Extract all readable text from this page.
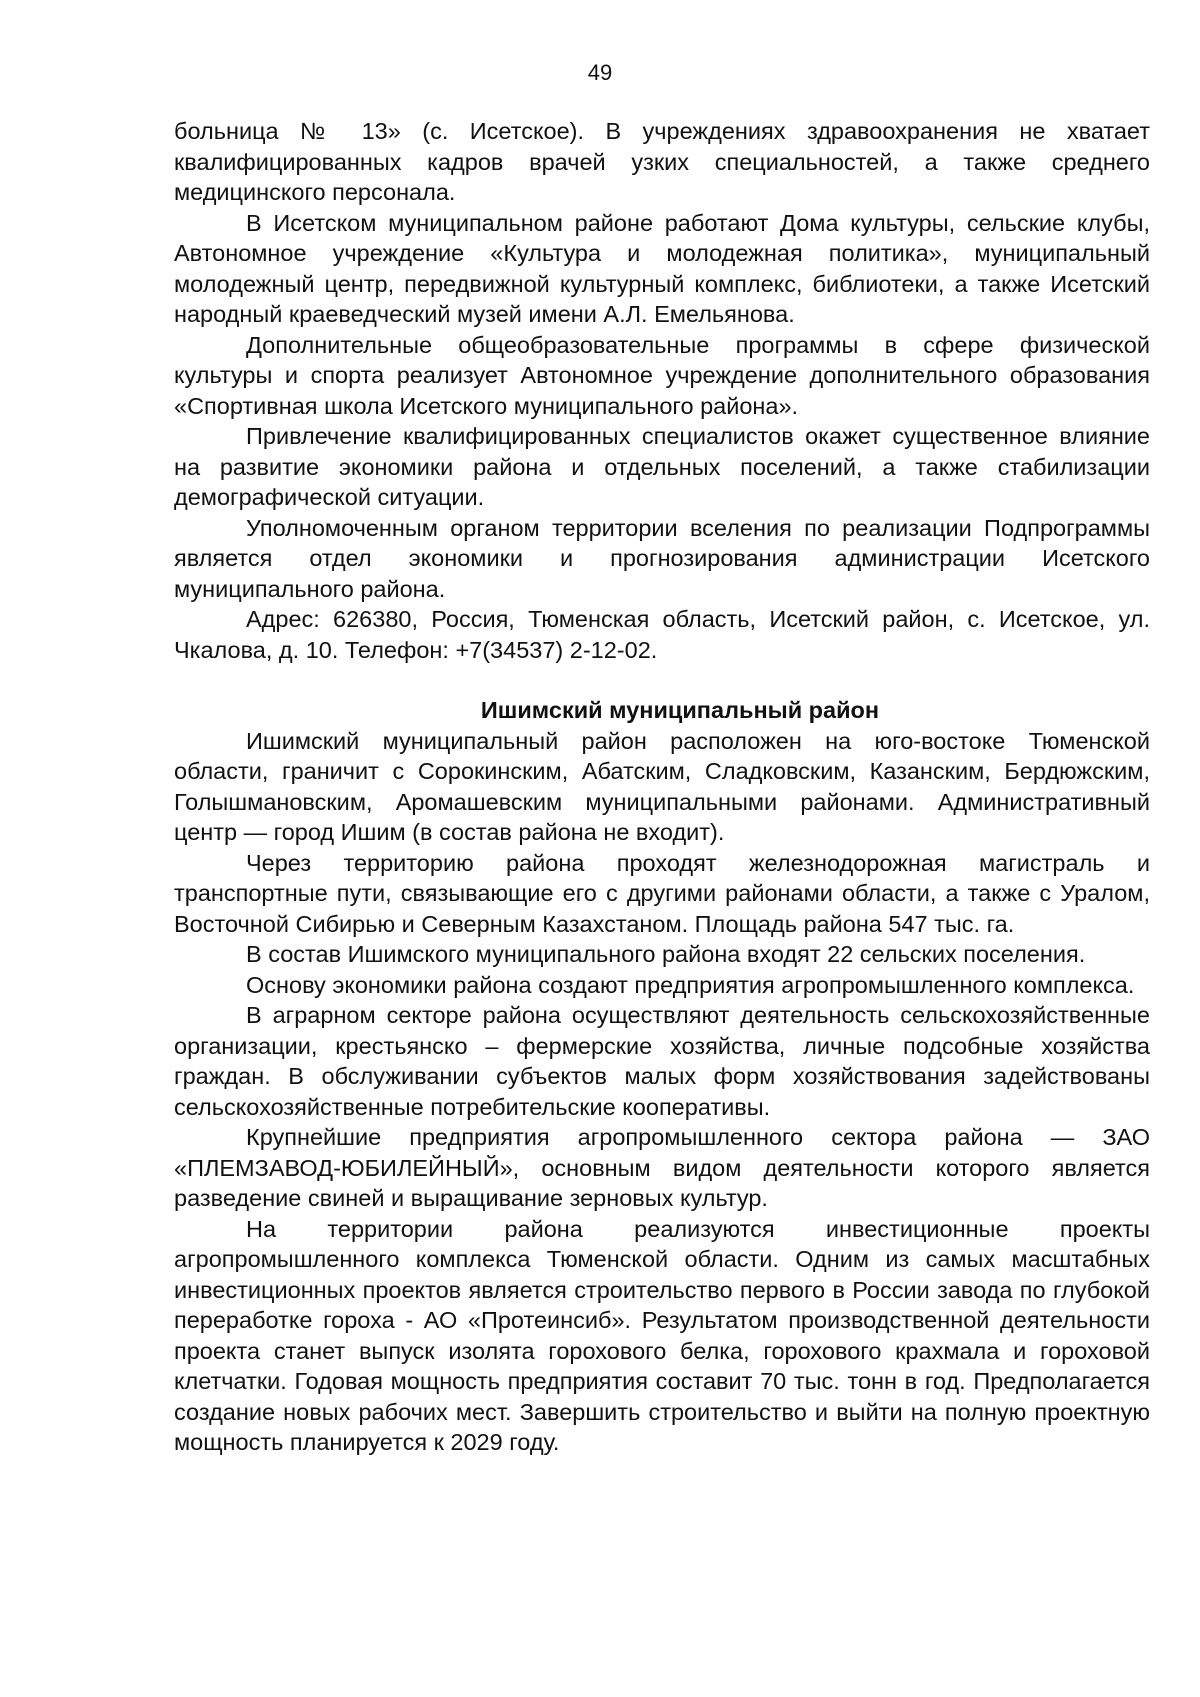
49

больница № 13» (с. Исетское). В учреждениях здравоохранения не хватает квалифицированных кадров врачей узких специальностей, а также среднего медицинского персонала.

В Исетском муниципальном районе работают Дома культуры, сельские клубы, Автономное учреждение «Культура и молодежная политика», муниципальный молодежный центр, передвижной культурный комплекс, библиотеки, а также Исетский народный краеведческий музей имени А.Л. Емельянова.

Дополнительные общеобразовательные программы в сфере физической культуры и спорта реализует Автономное учреждение дополнительного образования «Спортивная школа Исетского муниципального района».

Привлечение квалифицированных специалистов окажет существенное влияние на развитие экономики района и отдельных поселений, а также стабилизации демографической ситуации.

Уполномоченным органом территории вселения по реализации Подпрограммы является отдел экономики и прогнозирования администрации Исетского муниципального района.

Адрес: 626380, Россия, Тюменская область, Исетский район, с. Исетское, ул. Чкалова, д. 10. Телефон: +7(34537) 2-12-02.

Ишимский муниципальный район

Ишимский муниципальный район расположен на юго-востоке Тюменской области, граничит с Сорокинским, Абатским, Сладковским, Казанским, Бердюжским, Голышмановским, Аромашевским муниципальными районами. Административный центр — город Ишим (в состав района не входит).

Через территорию района проходят железнодорожная магистраль и транспортные пути, связывающие его с другими районами области, а также с Уралом, Восточной Сибирью и Северным Казахстаном. Площадь района 547 тыс. га.

В состав Ишимского муниципального района входят 22 сельских поселения.

Основу экономики района создают предприятия агропромышленного комплекса.

В аграрном секторе района осуществляют деятельность сельскохозяйственные организации, крестьянско – фермерские хозяйства, личные подсобные хозяйства граждан. В обслуживании субъектов малых форм хозяйствования задействованы сельскохозяйственные потребительские кооперативы.

Крупнейшие предприятия агропромышленного сектора района — ЗАО «ПЛЕМЗАВОД-ЮБИЛЕЙНЫЙ», основным видом деятельности которого является разведение свиней и выращивание зерновых культур.

На территории района реализуются инвестиционные проекты агропромышленного комплекса Тюменской области. Одним из самых масштабных инвестиционных проектов является строительство первого в России завода по глубокой переработке гороха - АО «Протеинсиб». Результатом производственной деятельности проекта станет выпуск изолята горохового белка, горохового крахмала и гороховой клетчатки. Годовая мощность предприятия составит 70 тыс. тонн в год. Предполагается создание новых рабочих мест. Завершить строительство и выйти на полную проектную мощность планируется к 2029 году.
